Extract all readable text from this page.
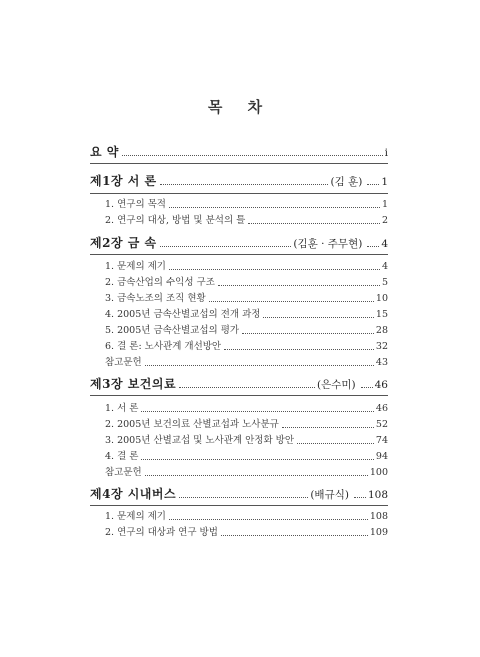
목 차
요 약	i
제1장 서 론	(김 훈) 1
1. 연구의 목적	1
2. 연구의 대상, 방법 및 분석의 틀	2
제2장 금 속	(김훈 · 주무현) 4
1. 문제의 제기	4
2. 금속산업의 수익성 구조	5
3. 금속노조의 조직 현황	10
4. 2005년 금속산별교섭의 전개 과정	15
5. 2005년 금속산별교섭의 평가	28
6. 결 론: 노사관계 개선방안	32
참고문헌	43
제3장 보건의료	(은수미) 46
1. 서 론	46
2. 2005년 보건의료 산별교섭과 노사분규	52
3. 2005년 산별교섭 및 노사관계 안정화 방안	74
4. 결 론	94
참고문헌	100
제4장 시내버스	(배규식) 108
1. 문제의 제기	108
2. 연구의 대상과 연구 방법	109
